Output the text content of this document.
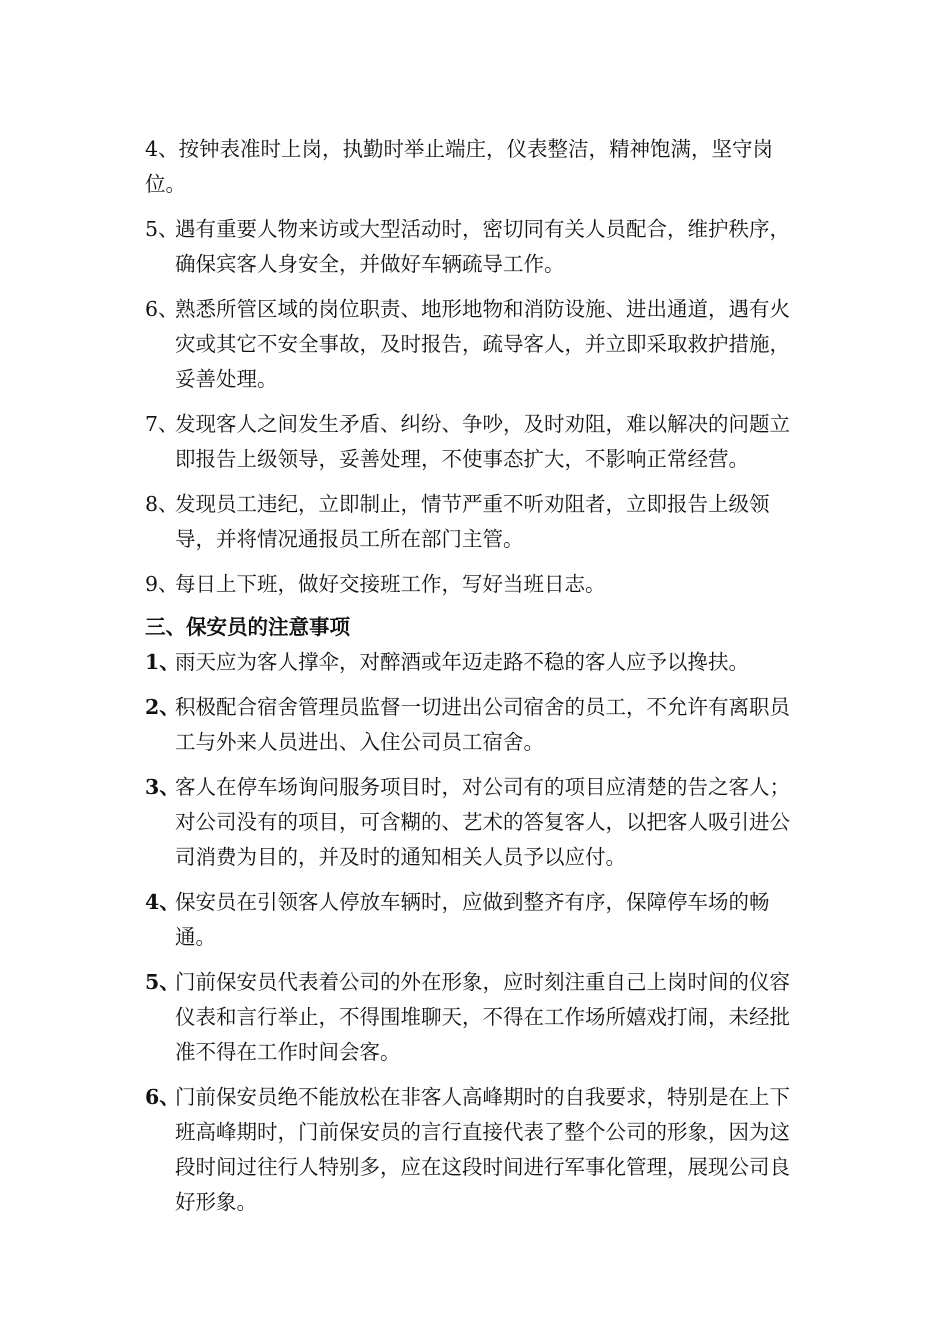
4、按钟表准时上岗，执勤时举止端庄，仪表整洁，精神饱满，坚守岗位。
5、
遇有重要人物来访或大型活动时，密切同有关人员配合，维护秩序，确保宾客人身安全，并做好车辆疏导工作。
6、
熟悉所管区域的岗位职责、地形地物和消防设施、进出通道，遇有火灾或其它不安全事故，及时报告，疏导客人，并立即采取救护措施，妥善处理。
7、
发现客人之间发生矛盾、纠纷、争吵，及时劝阻，难以解决的问题立即报告上级领导，妥善处理，不使事态扩大，不影响正常经营。
8、
发现员工违纪，立即制止，情节严重不听劝阻者，立即报告上级领导，并将情况通报员工所在部门主管。
9、
每日上下班，做好交接班工作，写好当班日志。
三、保安员的注意事项
1、
雨天应为客人撑伞，对醉酒或年迈走路不稳的客人应予以搀扶。
2、
积极配合宿舍管理员监督一切进出公司宿舍的员工，不允许有离职员工与外来人员进出、入住公司员工宿舍。
3、
客人在停车场询问服务项目时，对公司有的项目应清楚的告之客人；对公司没有的项目，可含糊的、艺术的答复客人，以把客人吸引进公司消费为目的，并及时的通知相关人员予以应付。
4、
保安员在引领客人停放车辆时，应做到整齐有序，保障停车场的畅通。
5、
门前保安员代表着公司的外在形象，应时刻注重自己上岗时间的仪容仪表和言行举止，不得围堆聊天，不得在工作场所嬉戏打闹，未经批准不得在工作时间会客。
6、
门前保安员绝不能放松在非客人高峰期时的自我要求，特别是在上下班高峰期时，门前保安员的言行直接代表了整个公司的形象，因为这段时间过往行人特别多，应在这段时间进行军事化管理，展现公司良好形象。
